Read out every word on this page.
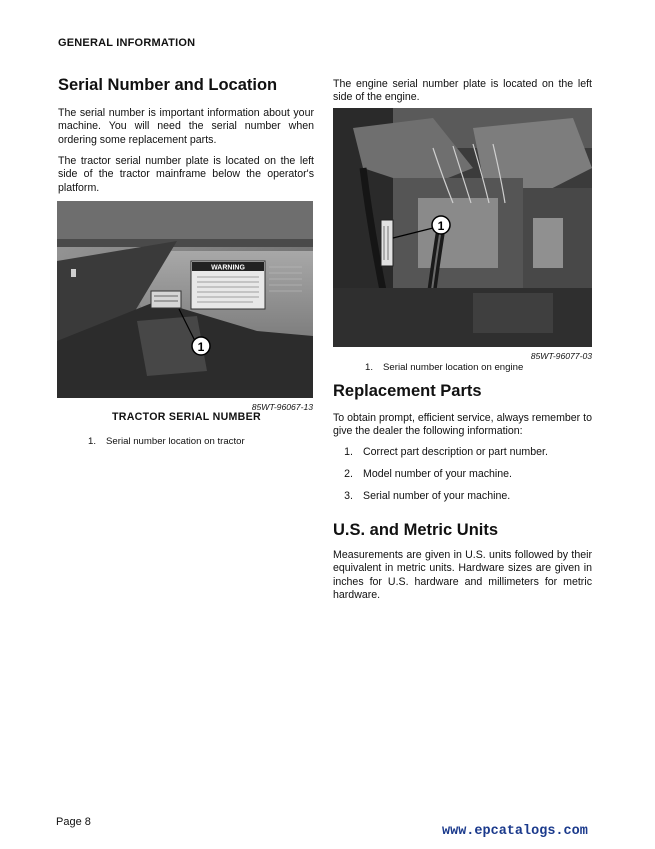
GENERAL INFORMATION
Serial Number and Location
The serial number is important information about your machine. You will need the serial number when ordering some replacement parts.
The tractor serial number plate is located on the left side of the tractor mainframe below the operator's platform.
WARNING
1
85WT-96067-13
TRACTOR SERIAL NUMBER
1. Serial number location on tractor
The engine serial number plate is located on the left side of the engine.
1
85WT-96077-03
1. Serial number location on engine
Replacement Parts
To obtain prompt, efficient service, always remember to give the dealer the following information:
1. Correct part description or part number.
2. Model number of your machine.
3. Serial number of your machine.
U.S. and Metric Units
Measurements are given in U.S. units followed by their equivalent in metric units. Hardware sizes are given in inches for U.S. hardware and millimeters for metric hardware.
Page 8
www.epcatalogs.com
